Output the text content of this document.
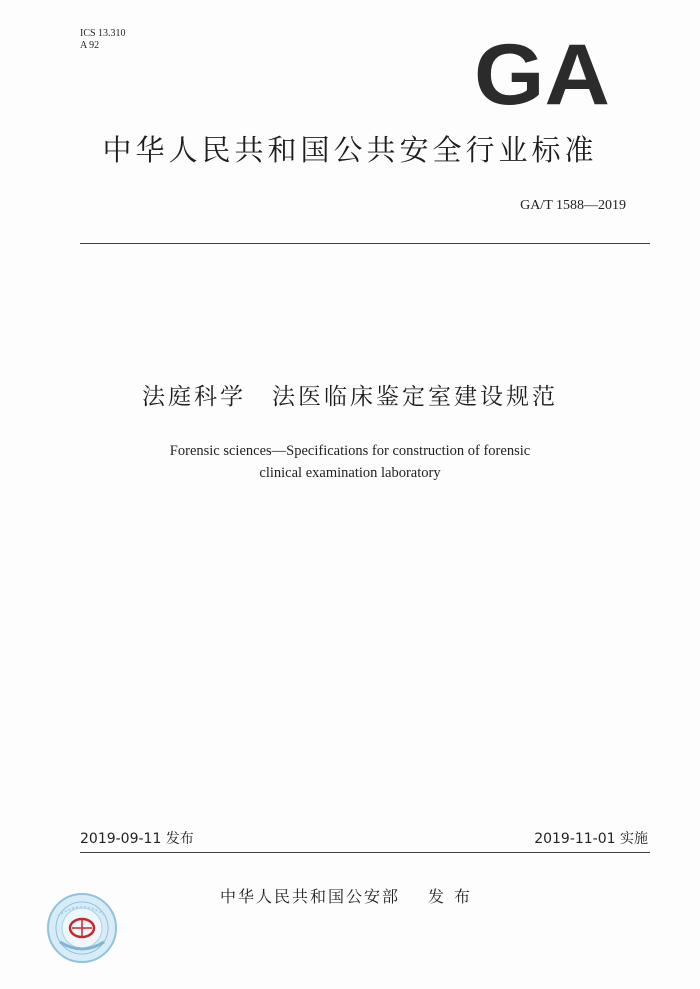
ICS 13.310
A 92	GA
中华人民共和国公共安全行业标准
GA/T 1588—2019
法庭科学　法医临床鉴定室建设规范
Forensic sciences—Specifications for construction of forensic
clinical examination laboratory
2019-09-11 发布	2019-11-01 实施
中华人民共和国公安部 发布
